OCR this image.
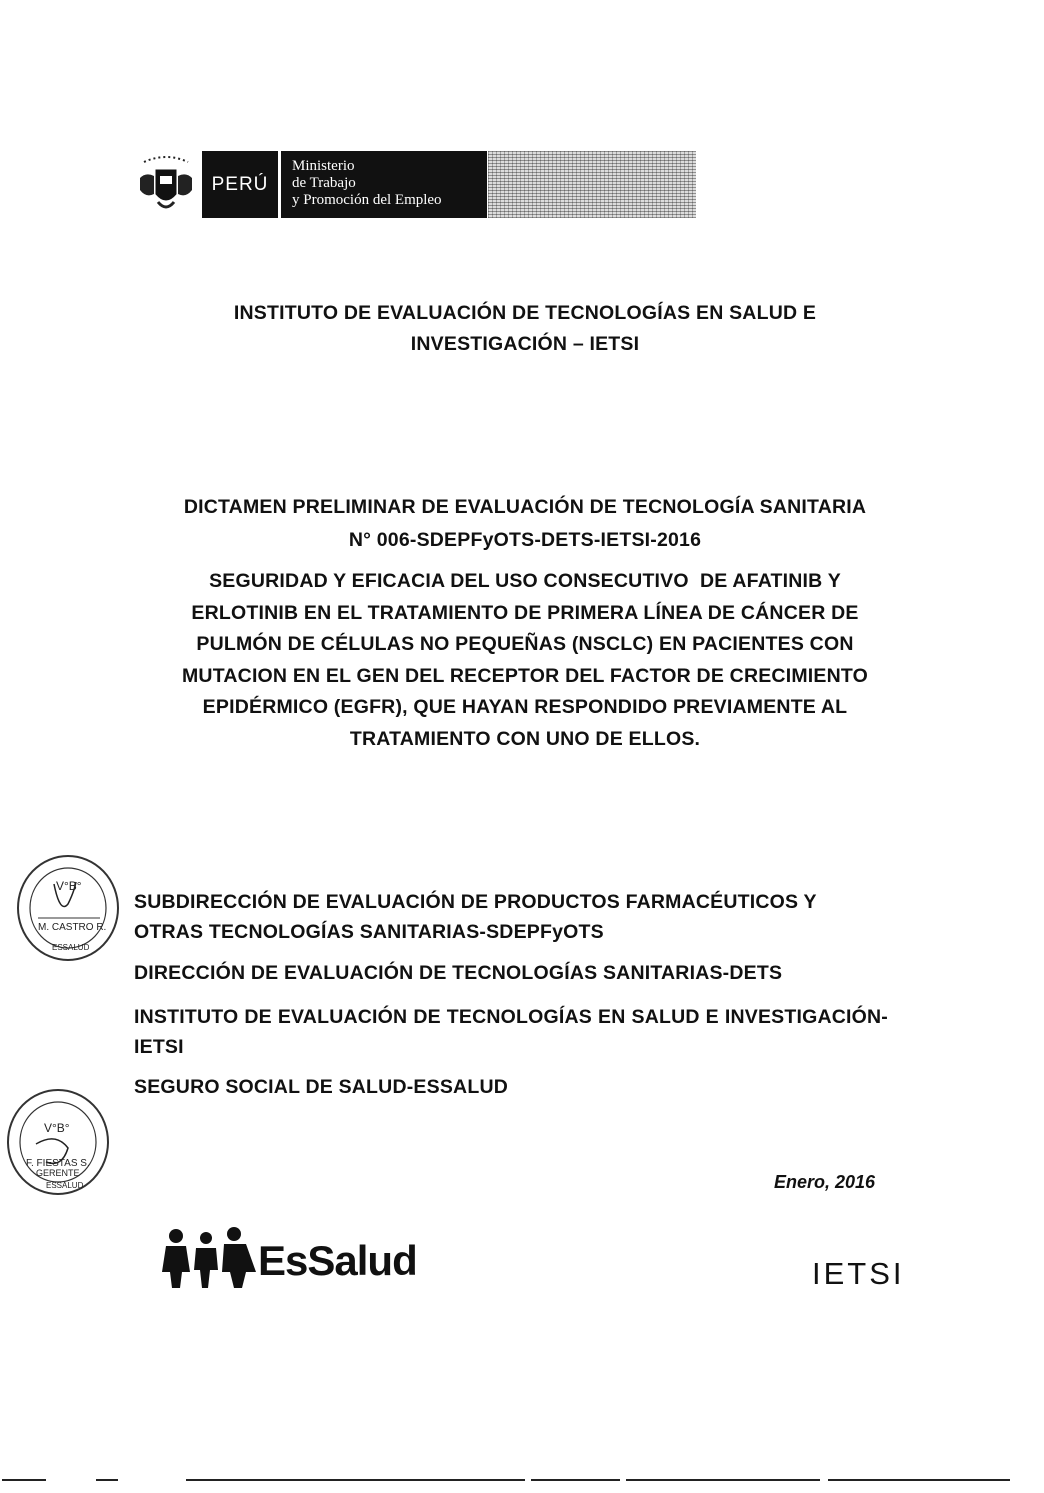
PERÚ
Ministerio
de Trabajo
y Promoción del Empleo
INSTITUTO DE EVALUACIÓN DE TECNOLOGÍAS EN SALUD E
INVESTIGACIÓN – IETSI
DICTAMEN PRELIMINAR DE EVALUACIÓN DE TECNOLOGÍA SANITARIA
N° 006-SDEPFyOTS-DETS-IETSI-2016
SEGURIDAD Y EFICACIA DEL USO CONSECUTIVO  DE AFATINIB Y
ERLOTINIB EN EL TRATAMIENTO DE PRIMERA LÍNEA DE CÁNCER DE
PULMÓN DE CÉLULAS NO PEQUEÑAS (NSCLC) EN PACIENTES CON
MUTACION EN EL GEN DEL RECEPTOR DEL FACTOR DE CRECIMIENTO
EPIDÉRMICO (EGFR), QUE HAYAN RESPONDIDO PREVIAMENTE AL
TRATAMIENTO CON UNO DE ELLOS.
V°B°
M. CASTRO R.
ESSALUD
SUBDIRECCIÓN DE EVALUACIÓN DE PRODUCTOS FARMACÉUTICOS Y OTRAS TECNOLOGÍAS SANITARIAS-SDEPFyOTS
DIRECCIÓN DE EVALUACIÓN DE TECNOLOGÍAS SANITARIAS-DETS
INSTITUTO DE EVALUACIÓN DE TECNOLOGÍAS EN SALUD E INVESTIGACIÓN-IETSI
SEGURO SOCIAL DE SALUD-ESSALUD
V°B°
F. FIESTAS S.
GERENTE
ESSALUD	Enero, 2016
EsSalud	IETSI
